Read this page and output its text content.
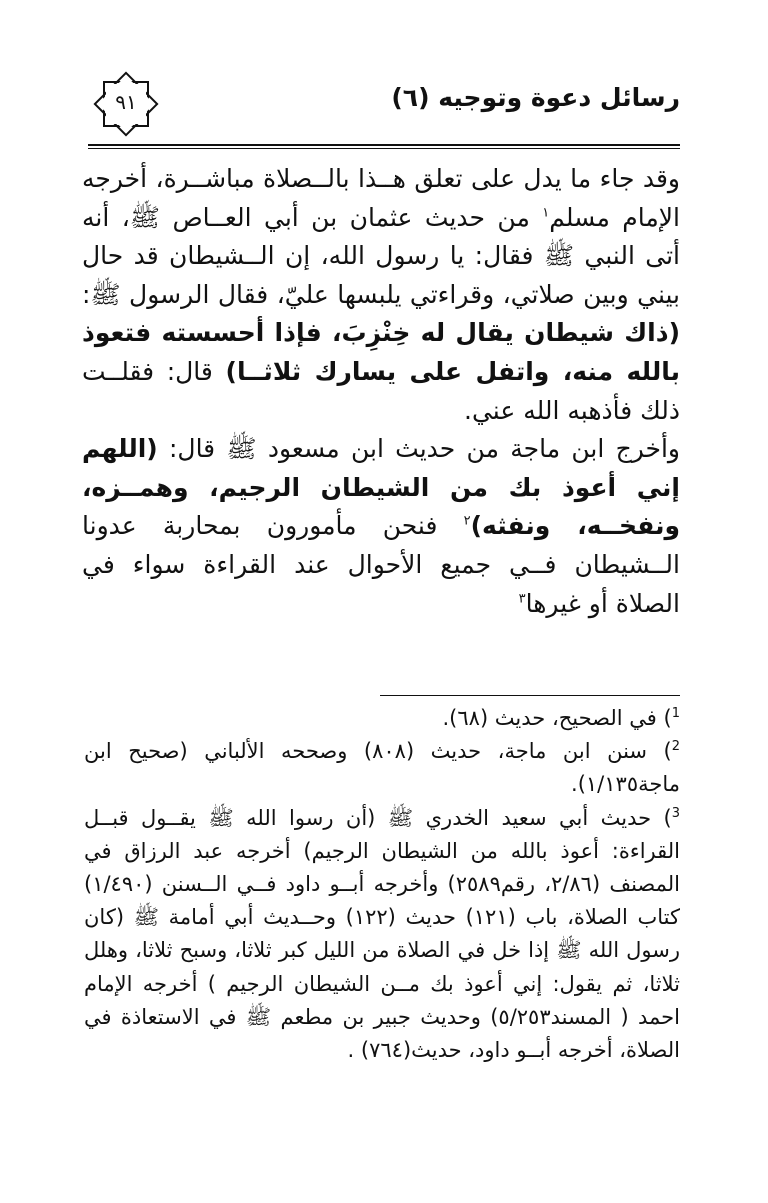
٩١	رسائل دعوة وتوجيه (٦)

وقد جاء ما يدل على تعلق هــذا بالــصلاة مباشــرة، أخرجه الإمام مسلم$^١$ من حديث عثمان بن أبي العــاص ﷺ، أنه أتى النبي ﷺ فقال: يا رسول الله، إن الــشيطان قد حال بيني وبين صلاتي، وقراءتي يلبسها عليّ، فقال الرسول ﷺ: (ذاك شيطان يقال له خِنْزِبَ، فإذا أحسسته فتعوذ بالله منه، واتفل على يسارك ثلاثــا) قال: فقلــت ذلك فأذهبه الله عني.

وأخرج ابن ماجة من حديث ابن مسعود ﷺ قال: (اللهم إني أعوذ بك من الشيطان الرجيم، وهمــزه، ونفخــه، ونفثه)$^٢$ فنحن مأمورون بمحاربة عدونا الــشيطان فــي جميع الأحوال عند القراءة سواء في الصلاة أو غيرها$^٣$

$^1$) في الصحيح، حديث (٦٨).

$^2$) سنن ابن ماجة، حديث (٨٠٨) وصححه الألباني (صحيح ابن ماجة١/١٣٥).

$^3$) حديث أبي سعيد الخدري ﷺ (أن رسوا الله ﷺ يقــول قبــل القراءة: أعوذ بالله من الشيطان الرجيم) أخرجه عبد الرزاق في المصنف (٢/٨٦، رقم٢٥٨٩) وأخرجه أبــو داود فــي الــسنن (١/٤٩٠) كتاب الصلاة، باب (١٢١) حديث (١٢٢) وحــديث أبي أمامة ﷺ (كان رسول الله ﷺ إذا خل في الصلاة من الليل كبر ثلاثا، وسبح ثلاثا، وهلل ثلاثا، ثم يقول: إني أعوذ بك مــن الشيطان الرجيم ) أخرجه الإمام احمد ( المسند٥/٢٥٣) وحديث جبير بن مطعم ﷺ في الاستعاذة في الصلاة، أخرجه أبــو داود، حديث(٧٦٤) .
